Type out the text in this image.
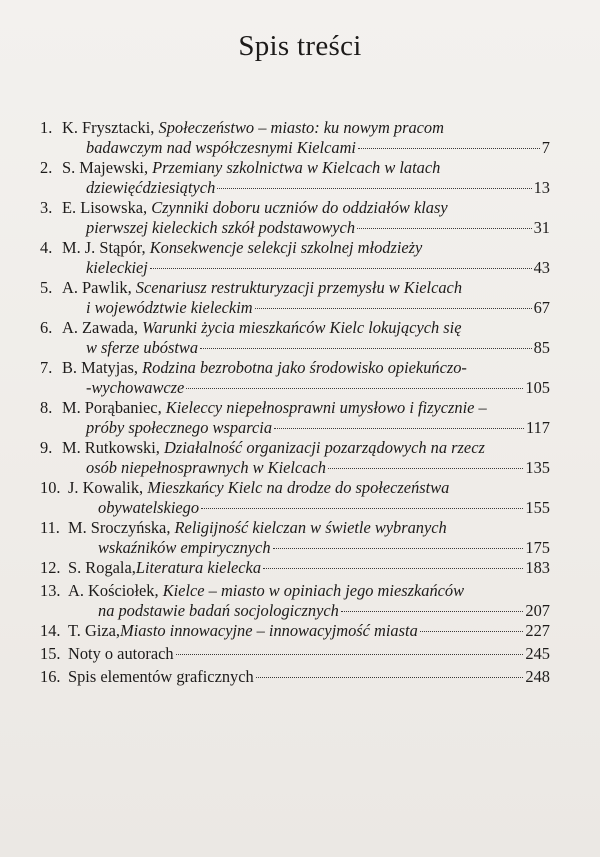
Spis treści
1. K. Frysztacki, Społeczeństwo – miasto: ku nowym pracom
badawczym nad współczesnymi Kielcami	7
2. S. Majewski, Przemiany szkolnictwa w Kielcach w latach
dziewięćdziesiątych	13
3. E. Lisowska, Czynniki doboru uczniów do oddziałów klasy
pierwszej kieleckich szkół podstawowych	31
4. M. J. Stąpór, Konsekwencje selekcji szkolnej młodzieży
kieleckiej	43
5. A. Pawlik, Scenariusz restrukturyzacji przemysłu w Kielcach
i województwie kieleckim	67
6. A. Zawada, Warunki życia mieszkańców Kielc lokujących się
w sferze ubóstwa	85
7. B. Matyjas, Rodzina bezrobotna jako środowisko opiekuńczo-
-wychowawcze	105
8. M. Porąbaniec, Kieleccy niepełnosprawni umysłowo i fizycznie –
próby społecznego wsparcia	117
9. M. Rutkowski, Działalność organizacji pozarządowych na rzecz
osób niepełnosprawnych w Kielcach	135
10. J. Kowalik, Mieszkańcy Kielc na drodze do społeczeństwa
obywatelskiego	155
11. M. Sroczyńska, Religijność kielczan w świetle wybranych
wskaźników empirycznych	175
12. S. Rogala, Literatura kielecka	183
13. A. Kościołek, Kielce – miasto w opiniach jego mieszkańców
na podstawie badań socjologicznych	207
14. T. Giza, Miasto innowacyjne – innowacyjmość miasta	227
15. Noty o autorach	245
16. Spis elementów graficznych	248
